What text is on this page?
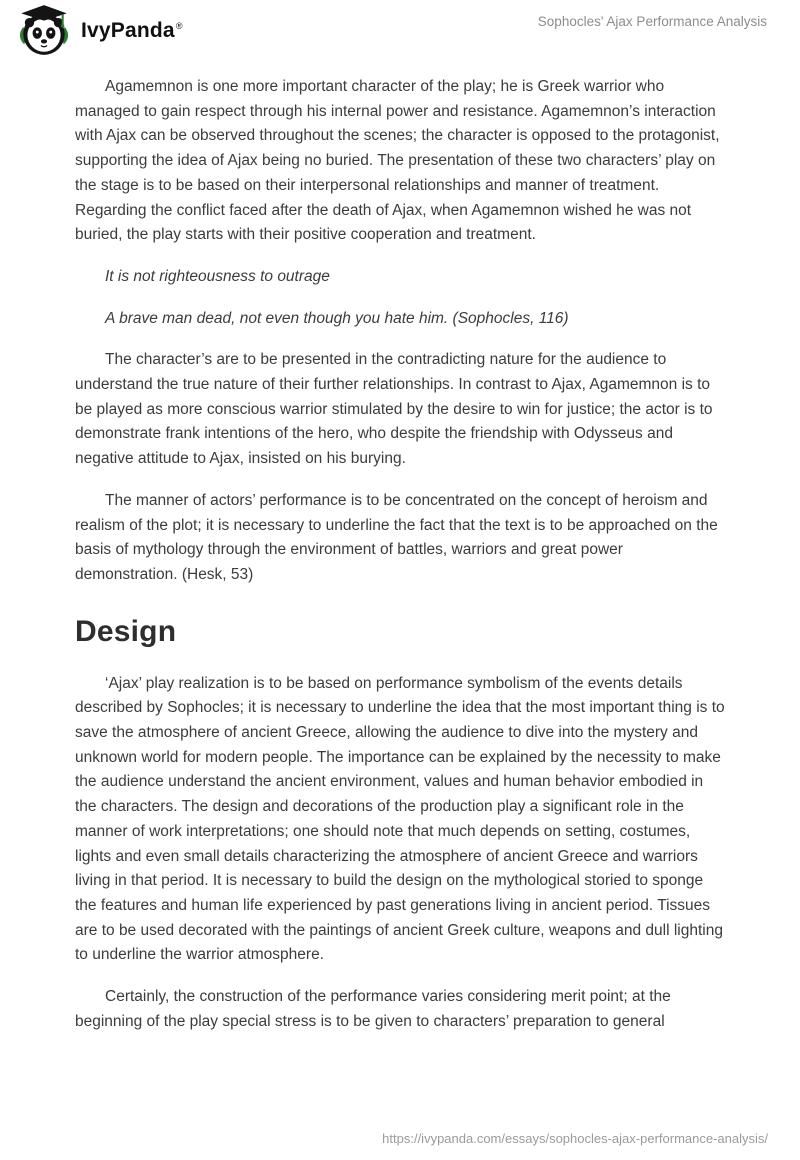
IvyPanda®	Sophocles' Ajax Performance Analysis

Agamemnon is one more important character of the play; he is Greek warrior who managed to gain respect through his internal power and resistance. Agamemnon’s interaction with Ajax can be observed throughout the scenes; the character is opposed to the protagonist, supporting the idea of Ajax being no buried. The presentation of these two characters’ play on the stage is to be based on their interpersonal relationships and manner of treatment. Regarding the conflict faced after the death of Ajax, when Agamemnon wished he was not buried, the play starts with their positive cooperation and treatment.

It is not righteousness to outrage

A brave man dead, not even though you hate him. (Sophocles, 116)

The character’s are to be presented in the contradicting nature for the audience to understand the true nature of their further relationships. In contrast to Ajax, Agamemnon is to be played as more conscious warrior stimulated by the desire to win for justice; the actor is to demonstrate frank intentions of the hero, who despite the friendship with Odysseus and negative attitude to Ajax, insisted on his burying.

The manner of actors’ performance is to be concentrated on the concept of heroism and realism of the plot; it is necessary to underline the fact that the text is to be approached on the basis of mythology through the environment of battles, warriors and great power demonstration. (Hesk, 53)

Design

‘Ajax’ play realization is to be based on performance symbolism of the events details described by Sophocles; it is necessary to underline the idea that the most important thing is to save the atmosphere of ancient Greece, allowing the audience to dive into the mystery and unknown world for modern people. The importance can be explained by the necessity to make the audience understand the ancient environment, values and human behavior embodied in the characters. The design and decorations of the production play a significant role in the manner of work interpretations; one should note that much depends on setting, costumes, lights and even small details characterizing the atmosphere of ancient Greece and warriors living in that period. It is necessary to build the design on the mythological storied to sponge the features and human life experienced by past generations living in ancient period. Tissues are to be used decorated with the paintings of ancient Greek culture, weapons and dull lighting to underline the warrior atmosphere.

Certainly, the construction of the performance varies considering merit point; at the beginning of the play special stress is to be given to characters’ preparation to general

https://ivypanda.com/essays/sophocles-ajax-performance-analysis/
